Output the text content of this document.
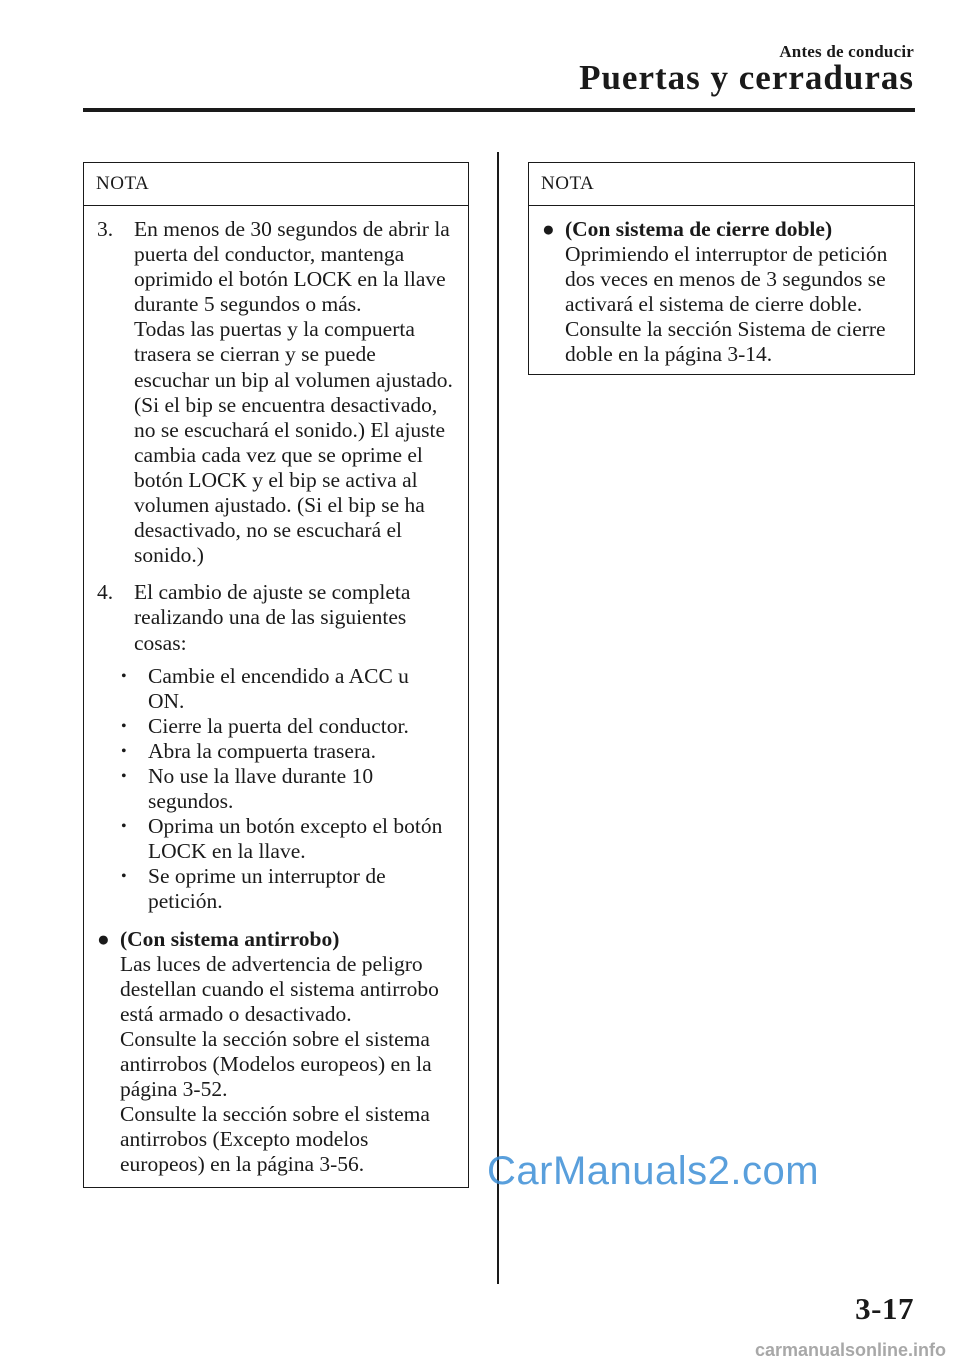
Antes de conducir
Puertas y cerraduras
NOTA
3. En menos de 30 segundos de abrir la
puerta del conductor, mantenga
oprimido el botón LOCK en la llave
durante 5 segundos o más.
Todas las puertas y la compuerta
trasera se cierran y se puede
escuchar un bip al volumen ajustado.
(Si el bip se encuentra desactivado,
no se escuchará el sonido.) El ajuste
cambia cada vez que se oprime el
botón LOCK y el bip se activa al
volumen ajustado. (Si el bip se ha
desactivado, no se escuchará el
sonido.)
4. El cambio de ajuste se completa
realizando una de las siguientes
cosas:
• Cambie el encendido a ACC u
ON.
• Cierre la puerta del conductor.
• Abra la compuerta trasera.
• No use la llave durante 10
segundos.
• Oprima un botón excepto el botón
LOCK en la llave.
• Se oprime un interruptor de
petición.
● (Con sistema antirrobo)
Las luces de advertencia de peligro
destellan cuando el sistema antirrobo
está armado o desactivado.
Consulte la sección sobre el sistema
antirrobos (Modelos europeos) en la
página 3-52.
Consulte la sección sobre el sistema
antirrobos (Excepto modelos
europeos) en la página 3-56.
NOTA
● (Con sistema de cierre doble)
Oprimiendo el interruptor de petición
dos veces en menos de 3 segundos se
activará el sistema de cierre doble.
Consulte la sección Sistema de cierre
doble en la página 3-14.
CarManuals2.com
3-17
carmanualsonline.info
